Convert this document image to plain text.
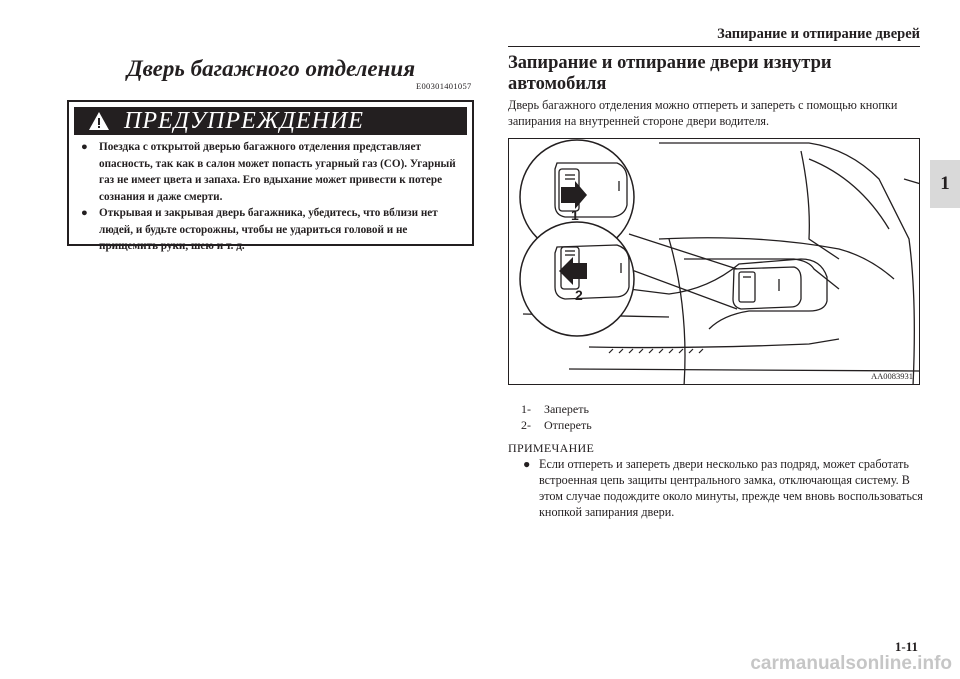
Запирание и отпирание дверей
1
Дверь багажного отделения
E00301401057
ПРЕДУПРЕЖДЕНИЕ
● Поездка с открытой дверью багажного отделения представляет опасность, так как в салон может попасть угарный газ (CO). Угарный газ не имеет цвета и запаха. Его вдыхание может привести к потере сознания и даже смерти.
● Открывая и закрывая дверь багажника, убедитесь, что вблизи нет людей, и будьте осторожны, чтобы не удариться головой и не прищемить руки, шею и т. д.
Запирание и отпирание двери изнутри автомобиля
Дверь багажного отделения можно отпереть и запереть с помощью кнопки запирания на внутренней стороне двери водителя.
1
2
AA0083931
1- Запереть
2- Отпереть
ПРИМЕЧАНИЕ
● Если отпереть и запереть двери несколько раз подряд, может сработать встроенная цепь защиты центрального замка, отключающая систему. В этом случае подождите около минуты, прежде чем вновь воспользоваться кнопкой запирания двери.
1-11
carmanualsonline.info
